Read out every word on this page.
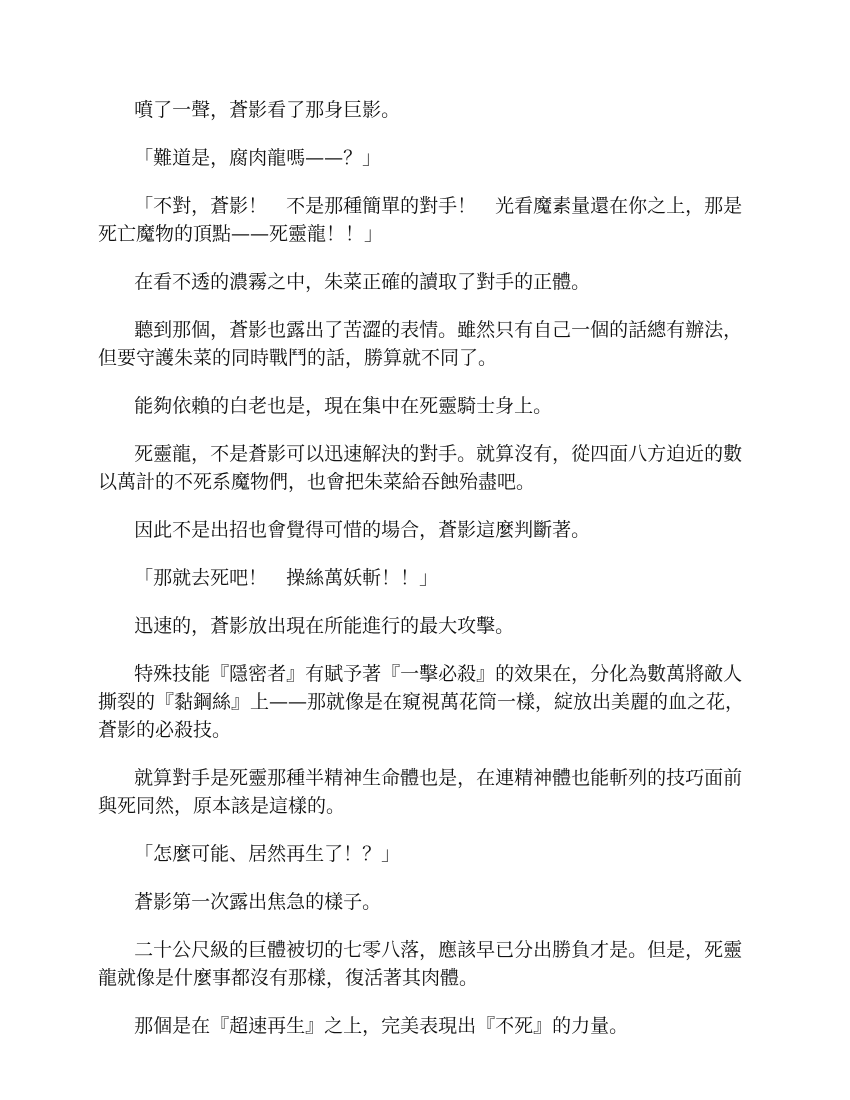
噴了一聲，蒼影看了那身巨影。

「難道是，腐肉龍嗎——？」

「不對，蒼影！　不是那種簡單的對手！　光看魔素量還在你之上，那是死亡魔物的頂點——死靈龍！！」

在看不透的濃霧之中，朱菜正確的讀取了對手的正體。

聽到那個，蒼影也露出了苦澀的表情。雖然只有自己一個的話總有辦法，但要守護朱菜的同時戰鬥的話，勝算就不同了。

能夠依賴的白老也是，現在集中在死靈騎士身上。

死靈龍，不是蒼影可以迅速解決的對手。就算沒有，從四面八方迫近的數以萬計的不死系魔物們，也會把朱菜給吞蝕殆盡吧。

因此不是出招也會覺得可惜的場合，蒼影這麼判斷著。

「那就去死吧！　操絲萬妖斬！！」

迅速的，蒼影放出現在所能進行的最大攻擊。

特殊技能『隱密者』有賦予著『一擊必殺』的效果在，分化為數萬將敵人撕裂的『黏鋼絲』上——那就像是在窺視萬花筒一樣，綻放出美麗的血之花，蒼影的必殺技。

就算對手是死靈那種半精神生命體也是，在連精神體也能斬列的技巧面前與死同然，原本該是這樣的。

「怎麼可能、居然再生了！？」

蒼影第一次露出焦急的樣子。

二十公尺級的巨體被切的七零八落，應該早已分出勝負才是。但是，死靈龍就像是什麼事都沒有那樣，復活著其肉體。

那個是在『超速再生』之上，完美表現出『不死』的力量。
